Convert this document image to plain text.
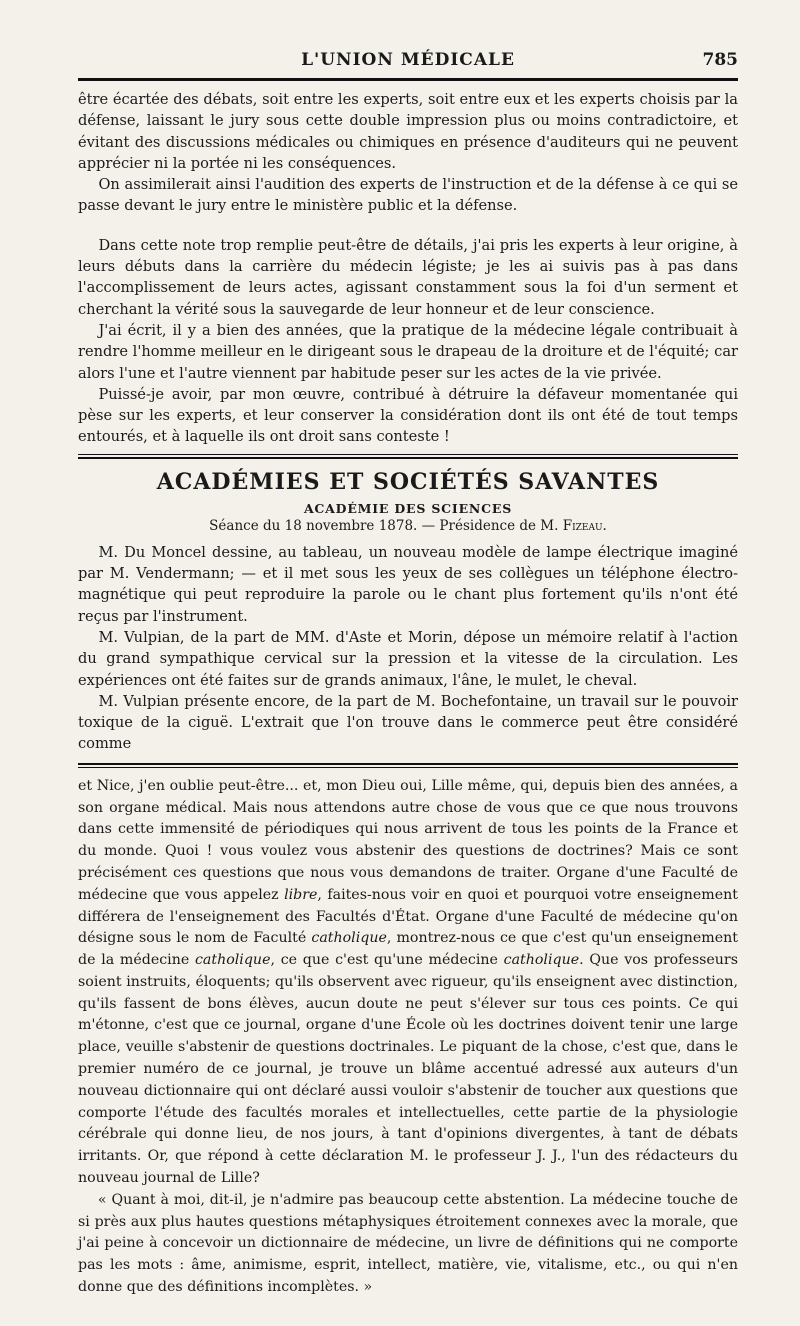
L'UNION MÉDICALE	785

être écartée des débats, soit entre les experts, soit entre eux et les experts choisis par la défense, laissant le jury sous cette double impression plus ou moins contradictoire, et évitant des discussions médicales ou chimiques en présence d'auditeurs qui ne peuvent apprécier ni la portée ni les conséquences.

On assimilerait ainsi l'audition des experts de l'instruction et de la défense à ce qui se passe devant le jury entre le ministère public et la défense.

Dans cette note trop remplie peut-être de détails, j'ai pris les experts à leur origine, à leurs débuts dans la carrière du médecin légiste; je les ai suivis pas à pas dans l'accomplissement de leurs actes, agissant constamment sous la foi d'un serment et cherchant la vérité sous la sauvegarde de leur honneur et de leur conscience.

J'ai écrit, il y a bien des années, que la pratique de la médecine légale contribuait à rendre l'homme meilleur en le dirigeant sous le drapeau de la droiture et de l'équité; car alors l'une et l'autre viennent par habitude peser sur les actes de la vie privée.

Puissé-je avoir, par mon œuvre, contribué à détruire la défaveur momentanée qui pèse sur les experts, et leur conserver la considération dont ils ont été de tout temps entourés, et à laquelle ils ont droit sans conteste !

ACADÉMIES ET SOCIÉTÉS SAVANTES
ACADÉMIE DES SCIENCES
Séance du 18 novembre 1878. — Présidence de M. Fizeau.

M. Du Moncel dessine, au tableau, un nouveau modèle de lampe électrique imaginé par M. Vendermann; — et il met sous les yeux de ses collègues un téléphone électro-magnétique qui peut reproduire la parole ou le chant plus fortement qu'ils n'ont été reçus par l'instrument.

M. Vulpian, de la part de MM. d'Aste et Morin, dépose un mémoire relatif à l'action du grand sympathique cervical sur la pression et la vitesse de la circulation. Les expériences ont été faites sur de grands animaux, l'âne, le mulet, le cheval.

M. Vulpian présente encore, de la part de M. Bochefontaine, un travail sur le pouvoir toxique de la ciguë. L'extrait que l'on trouve dans le commerce peut être considéré comme

et Nice, j'en oublie peut-être... et, mon Dieu oui, Lille même, qui, depuis bien des années, a son organe médical. Mais nous attendons autre chose de vous que ce que nous trouvons dans cette immensité de périodiques qui nous arrivent de tous les points de la France et du monde. Quoi ! vous voulez vous abstenir des questions de doctrines? Mais ce sont précisément ces questions que nous vous demandons de traiter. Organe d'une Faculté de médecine que vous appelez libre, faites-nous voir en quoi et pourquoi votre enseignement différera de l'enseignement des Facultés d'État. Organe d'une Faculté de médecine qu'on désigne sous le nom de Faculté catholique, montrez-nous ce que c'est qu'un enseignement de la médecine catholique, ce que c'est qu'une médecine catholique. Que vos professeurs soient instruits, éloquents; qu'ils observent avec rigueur, qu'ils enseignent avec distinction, qu'ils fassent de bons élèves, aucun doute ne peut s'élever sur tous ces points. Ce qui m'étonne, c'est que ce journal, organe d'une École où les doctrines doivent tenir une large place, veuille s'abstenir de questions doctrinales. Le piquant de la chose, c'est que, dans le premier numéro de ce journal, je trouve un blâme accentué adressé aux auteurs d'un nouveau dictionnaire qui ont déclaré aussi vouloir s'abstenir de toucher aux questions que comporte l'étude des facultés morales et intellectuelles, cette partie de la physiologie cérébrale qui donne lieu, de nos jours, à tant d'opinions divergentes, à tant de débats irritants. Or, que répond à cette déclaration M. le professeur J. J., l'un des rédacteurs du nouveau journal de Lille?

« Quant à moi, dit-il, je n'admire pas beaucoup cette abstention. La médecine touche de si près aux plus hautes questions métaphysiques étroitement connexes avec la morale, que j'ai peine à concevoir un dictionnaire de médecine, un livre de définitions qui ne comporte pas les mots : âme, animisme, esprit, intellect, matière, vie, vitalisme, etc., ou qui n'en donne que des définitions incomplètes. »
